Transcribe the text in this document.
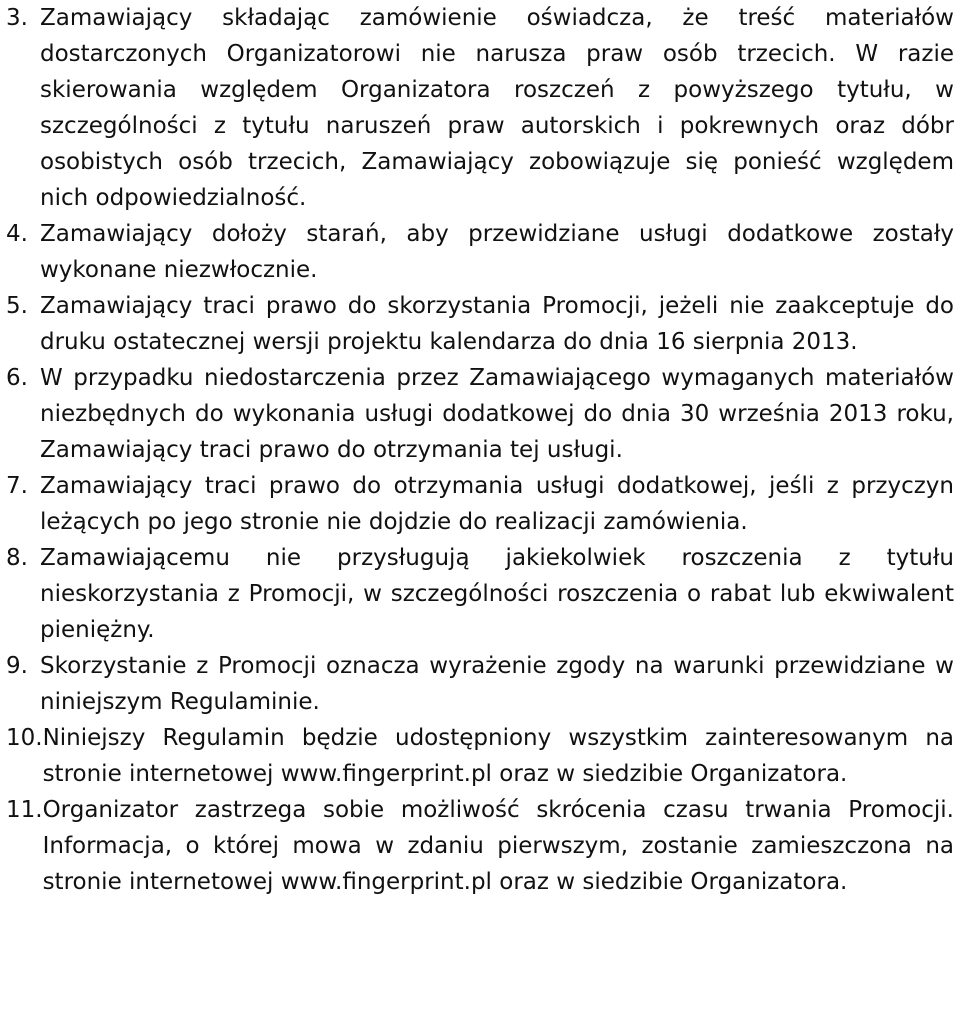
3. Zamawiający składając zamówienie oświadcza, że treść materiałów dostarczonych Organizatorowi nie narusza praw osób trzecich. W razie skierowania względem Organizatora roszczeń z powyższego tytułu, w szczególności z tytułu naruszeń praw autorskich i pokrewnych oraz dóbr osobistych osób trzecich, Zamawiający zobowiązuje się ponieść względem nich odpowiedzialność.
4. Zamawiający dołoży starań, aby przewidziane usługi dodatkowe zostały wykonane niezwłocznie.
5. Zamawiający traci prawo do skorzystania Promocji, jeżeli nie zaakceptuje do druku ostatecznej wersji projektu kalendarza do dnia 16 sierpnia 2013.
6. W przypadku niedostarczenia przez Zamawiającego wymaganych materiałów niezbędnych do wykonania usługi dodatkowej do dnia 30 września 2013 roku, Zamawiający traci prawo do otrzymania tej usługi.
7. Zamawiający traci prawo do otrzymania usługi dodatkowej, jeśli z przyczyn leżących po jego stronie nie dojdzie do realizacji zamówienia.
8. Zamawiającemu nie przysługują jakiekolwiek roszczenia z tytułu nieskorzystania z Promocji, w szczególności roszczenia o rabat lub ekwiwalent pieniężny.
9. Skorzystanie z Promocji oznacza wyrażenie zgody na warunki przewidziane w niniejszym Regulaminie.
10. Niniejszy Regulamin będzie udostępniony wszystkim zainteresowanym na stronie internetowej www.fingerprint.pl oraz w siedzibie Organizatora.
11. Organizator zastrzega sobie możliwość skrócenia czasu trwania Promocji. Informacja, o której mowa w zdaniu pierwszym, zostanie zamieszczona na stronie internetowej www.fingerprint.pl oraz w siedzibie Organizatora.
